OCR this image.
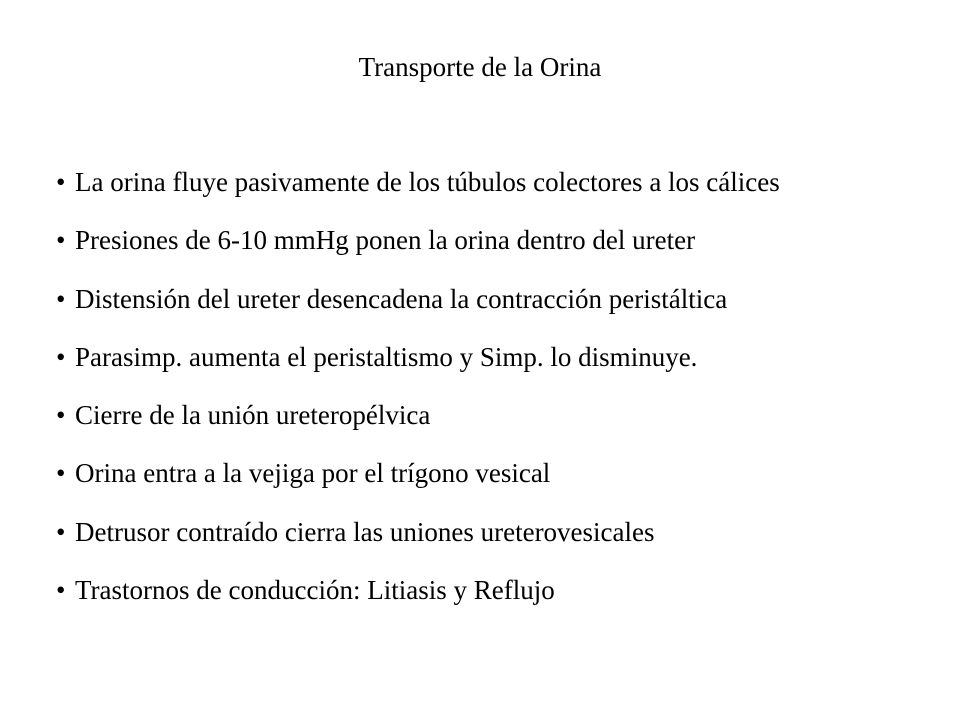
Transporte de la Orina
• La orina fluye pasivamente de los túbulos colectores a los cálices
• Presiones de 6-10 mmHg ponen la orina dentro del ureter
• Distensión del ureter desencadena la contracción peristáltica
• Parasimp. aumenta el peristaltismo y Simp. lo disminuye.
• Cierre de la unión ureteropélvica
• Orina entra a la vejiga por el trígono vesical
• Detrusor contraído cierra las uniones ureterovesicales
• Trastornos de conducción: Litiasis y Reflujo
